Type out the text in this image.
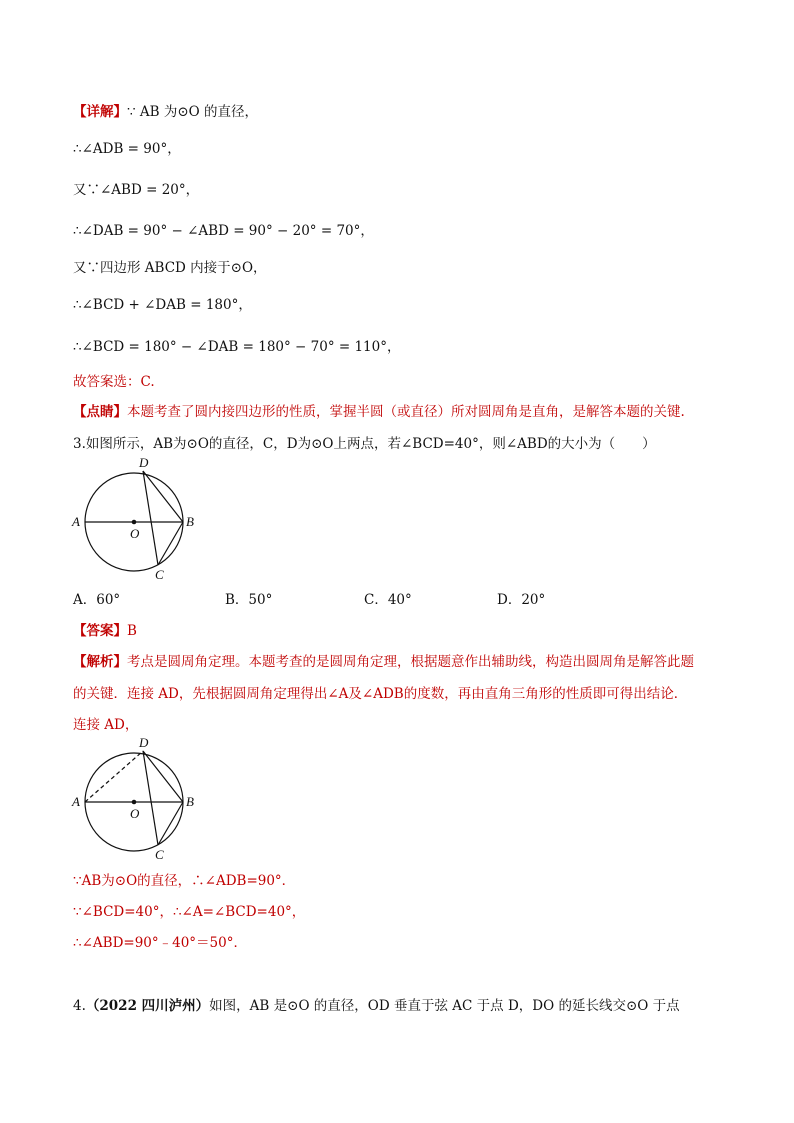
【详解】∵ AB 为⊙O 的直径，
∴∠ADB = 90°，
又∵∠ABD = 20°，
∴∠DAB = 90° − ∠ABD = 90° − 20° = 70°，
又∵四边形 ABCD 内接于⊙O，
∴∠BCD + ∠DAB = 180°，
∴∠BCD = 180° − ∠DAB = 180° − 70° = 110°，
故答案选：C.
【点睛】本题考查了圆内接四边形的性质，掌握半圆（或直径）所对圆周角是直角，是解答本题的关键.
3.如图所示，AB为⊙O的直径，C，D为⊙O上两点，若∠BCD=40°，则∠ABD的大小为（　　）
A	B
C
D
O
A．60°	B．50°	C．40°	D．20°
【答案】B
【解析】考点是圆周角定理。本题考查的是圆周角定理，根据题意作出辅助线，构造出圆周角是解答此题
的关键．连接 AD，先根据圆周角定理得出∠A及∠ADB的度数，再由直角三角形的性质即可得出结论．
连接 AD，
A	B
C
D
O
∵AB为⊙O的直径，∴∠ADB=90°．
∵∠BCD=40°，∴∠A=∠BCD=40°，
∴∠ABD=90°﹣40°＝50°．
4.（2022 四川泸州）如图，AB 是⊙O 的直径，OD 垂直于弦 AC 于点 D，DO 的延长线交⊙O 于点
